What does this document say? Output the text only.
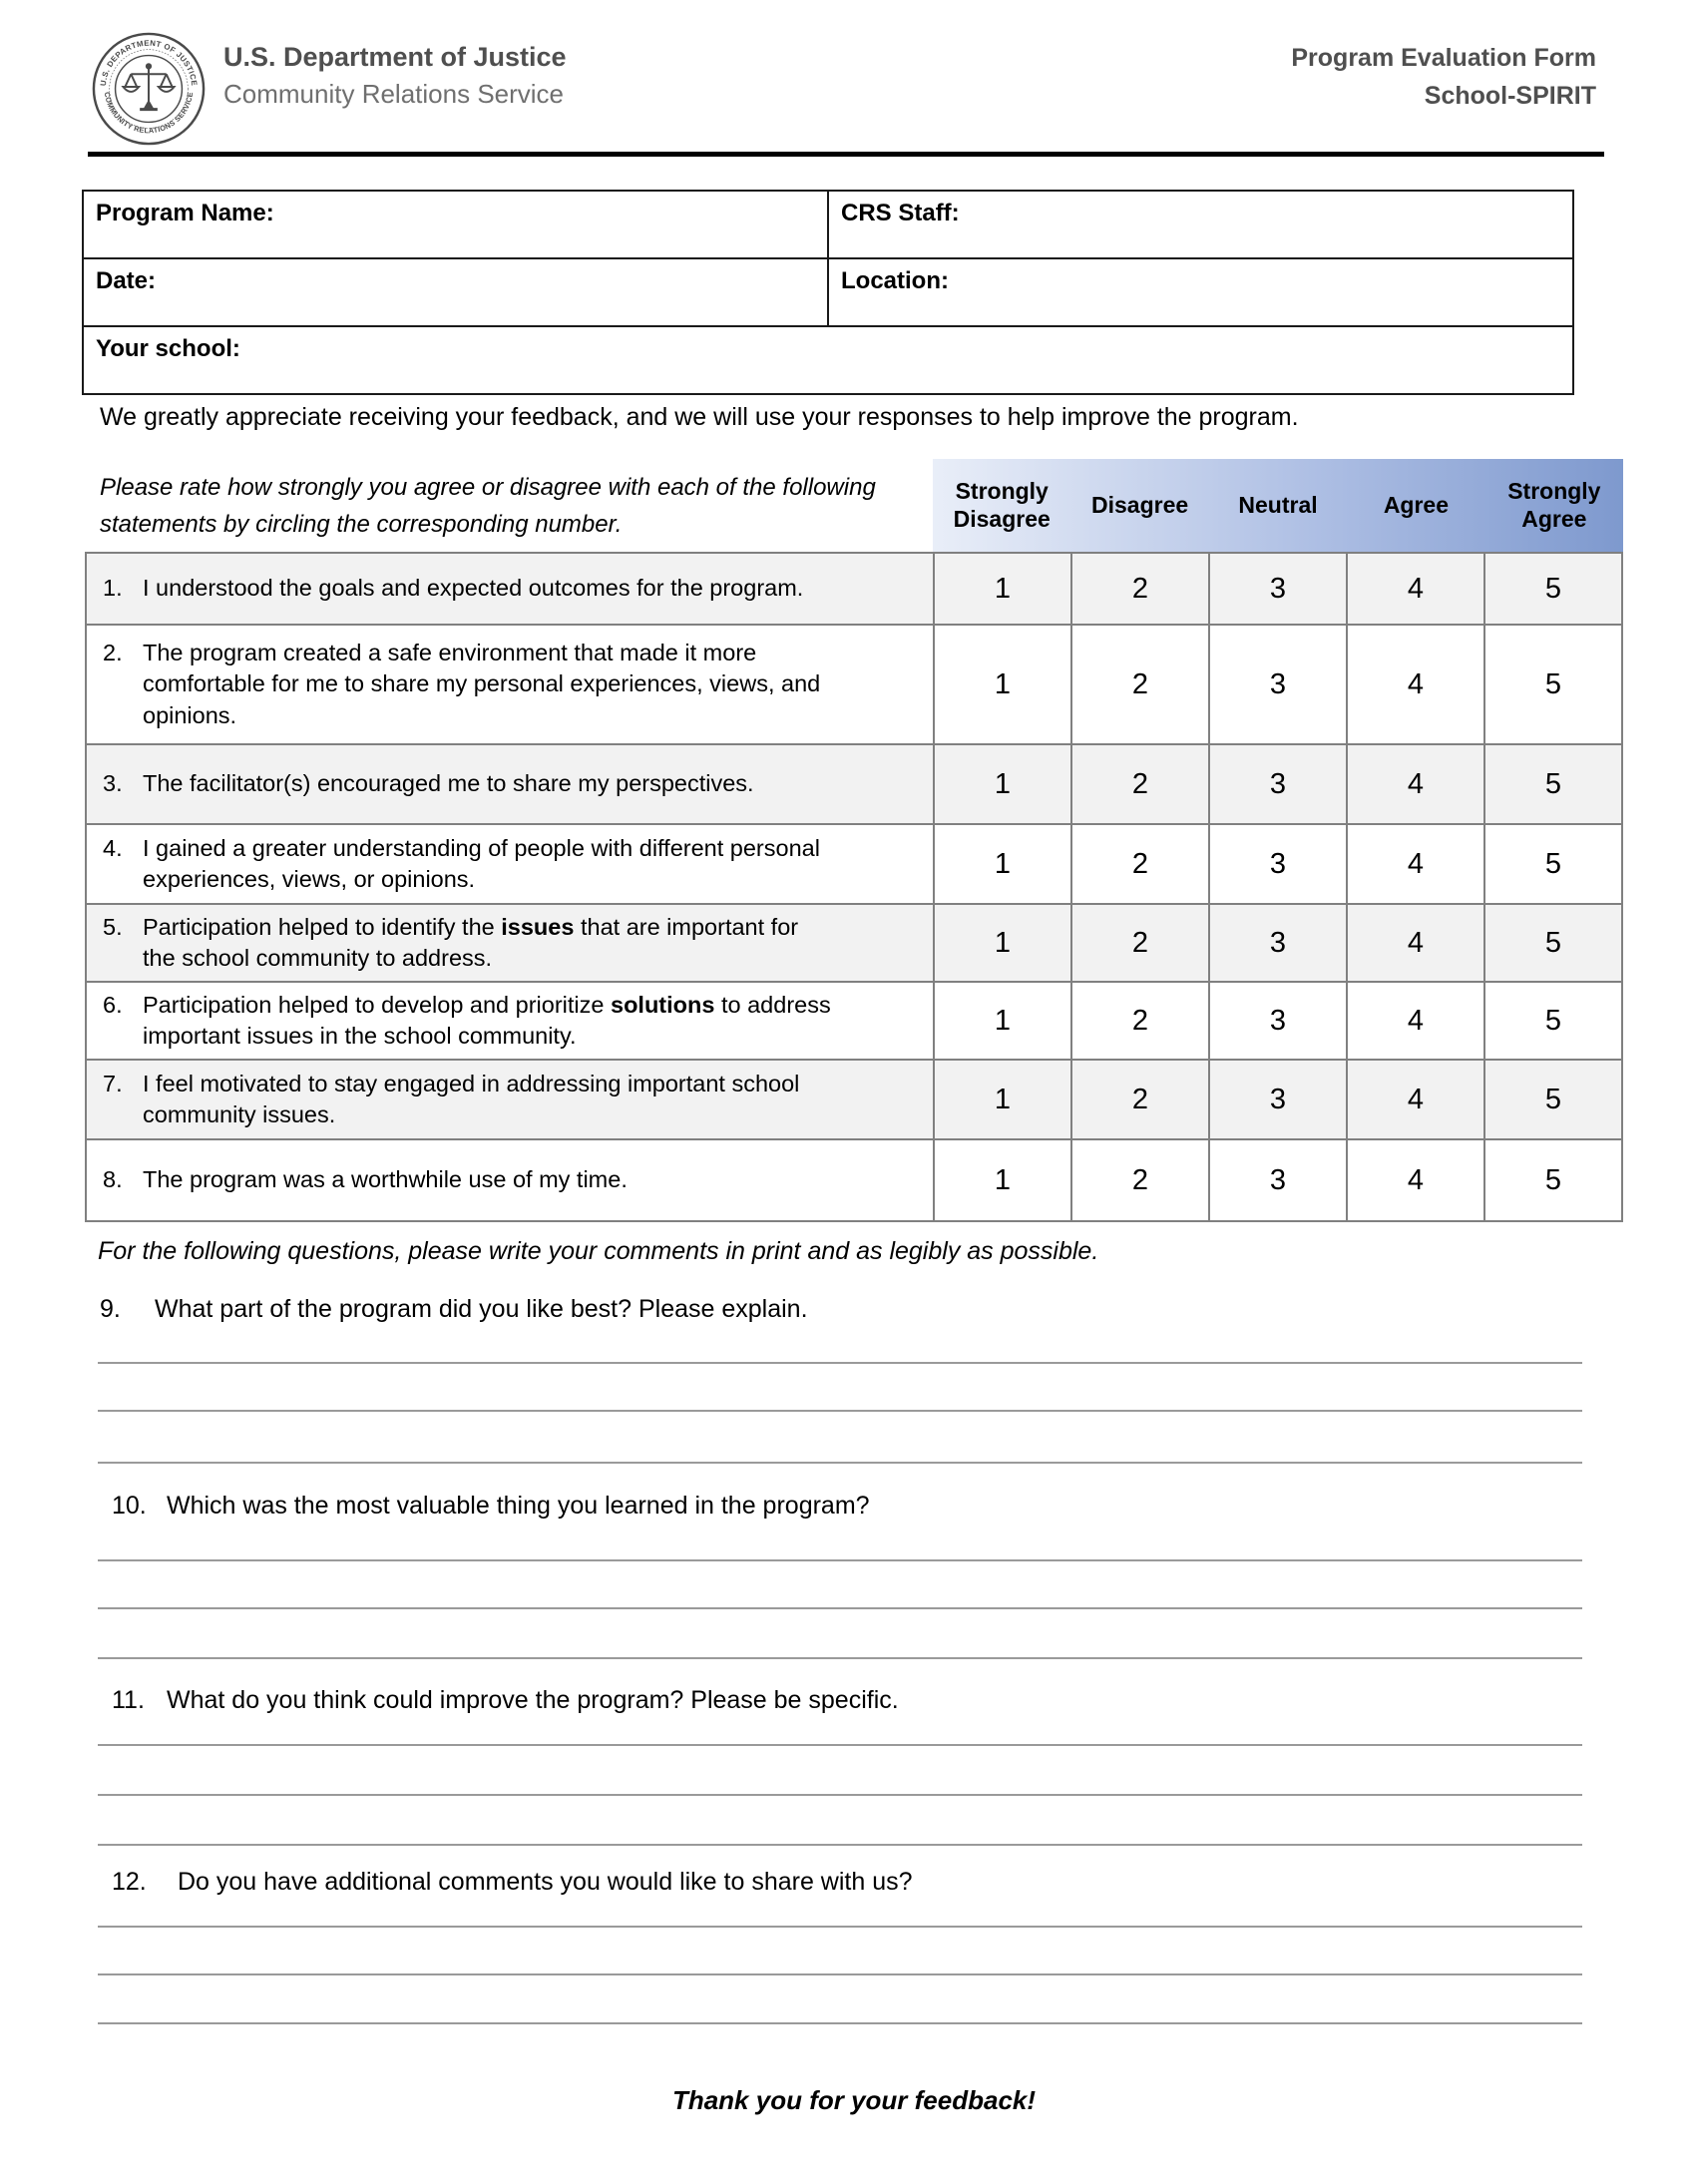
U.S. DEPARTMENT OF JUSTICE
COMMUNITY RELATIONS SERVICE
U.S. Department of Justice
Community Relations Service
Program Evaluation Form
School-SPIRIT
Program Name:	CRS Staff:
Date:	Location:
Your school:	

We greatly appreciate receiving your feedback, and we will use your responses to help improve the program.

Please rate how strongly you agree or disagree with each of the following statements by circling the corresponding number.
Strongly Disagree
Disagree	Neutral	Agree
Strongly Agree
1. I understood the goals and expected outcomes for the program.	1	2	3	4	5

2. The program created a safe environment that made it more comfortable for me to share my personal experiences, views, and opinions.	1	2	3	4	5

3. The facilitator(s) encouraged me to share my perspectives.	1	2	3	4	5

4. I gained a greater understanding of people with different personal experiences, views, or opinions.	1	2	3	4	5

5. Participation helped to identify the issues that are important for the school community to address.	1	2	3	4	5

6. Participation helped to develop and prioritize solutions to address important issues in the school community.	1	2	3	4	5

7. I feel motivated to stay engaged in addressing important school community issues.	1	2	3	4	5

8. The program was a worthwhile use of my time.	1	2	3	4	5

For the following questions, please write your comments in print and as legibly as possible.

9.	What part of the program did you like best? Please explain.
10. Which was the most valuable thing you learned in the program?
11. What do you think could improve the program? Please be specific.
12.	Do you have additional comments you would like to share with us?

Thank you for your feedback!
